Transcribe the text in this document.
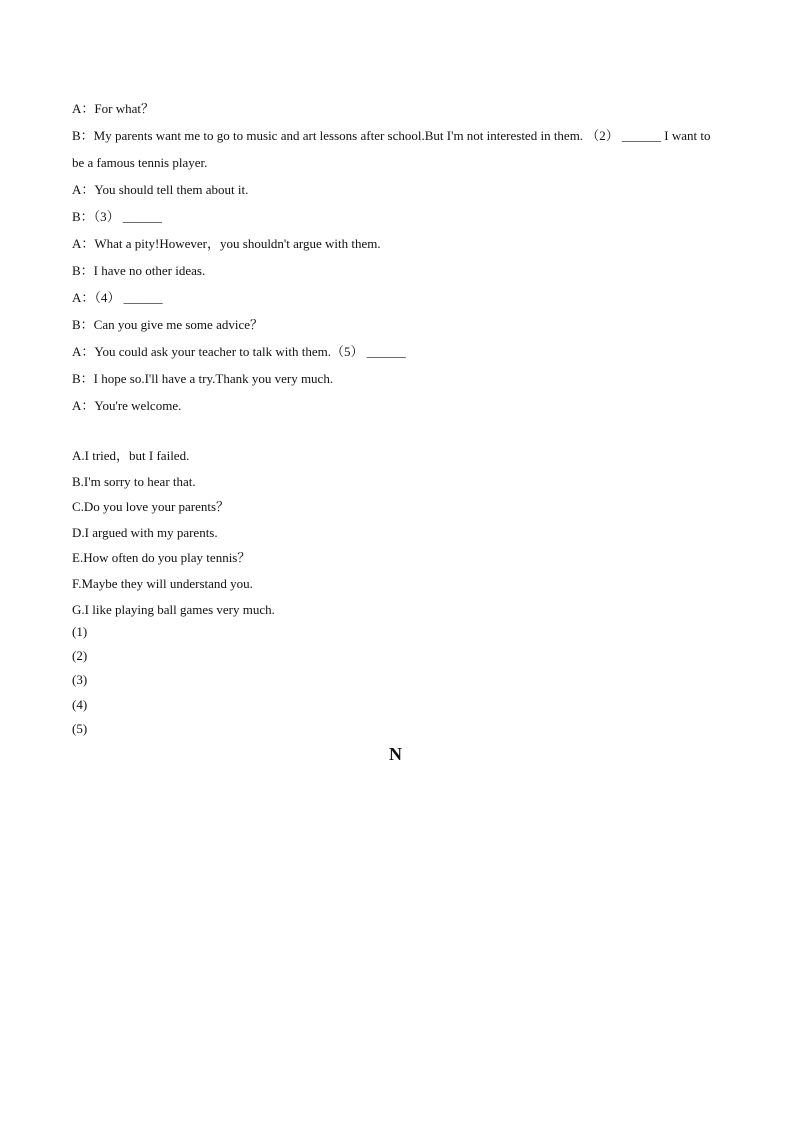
A：For what？
B：My parents want me to go to music and art lessons after school.But I'm not interested in them. （2） ______ I want to be a famous tennis player.
A：You should tell them about it.
B：（3） ______
A：What a pity!However，you shouldn't argue with them.
B：I have no other ideas.
A：（4） ______
B：Can you give me some advice？
A：You could ask your teacher to talk with them.（5） ______
B：I hope so.I'll have a try.Thank you very much.
A：You're welcome.
A.I tried，but I failed.
B.I'm sorry to hear that.
C.Do you love your parents？
D.I argued with my parents.
E.How often do you play tennis？
F.Maybe they will understand you.
G.I like playing ball games very much.
(1)
(2)
(3)
(4)
(5)
N
